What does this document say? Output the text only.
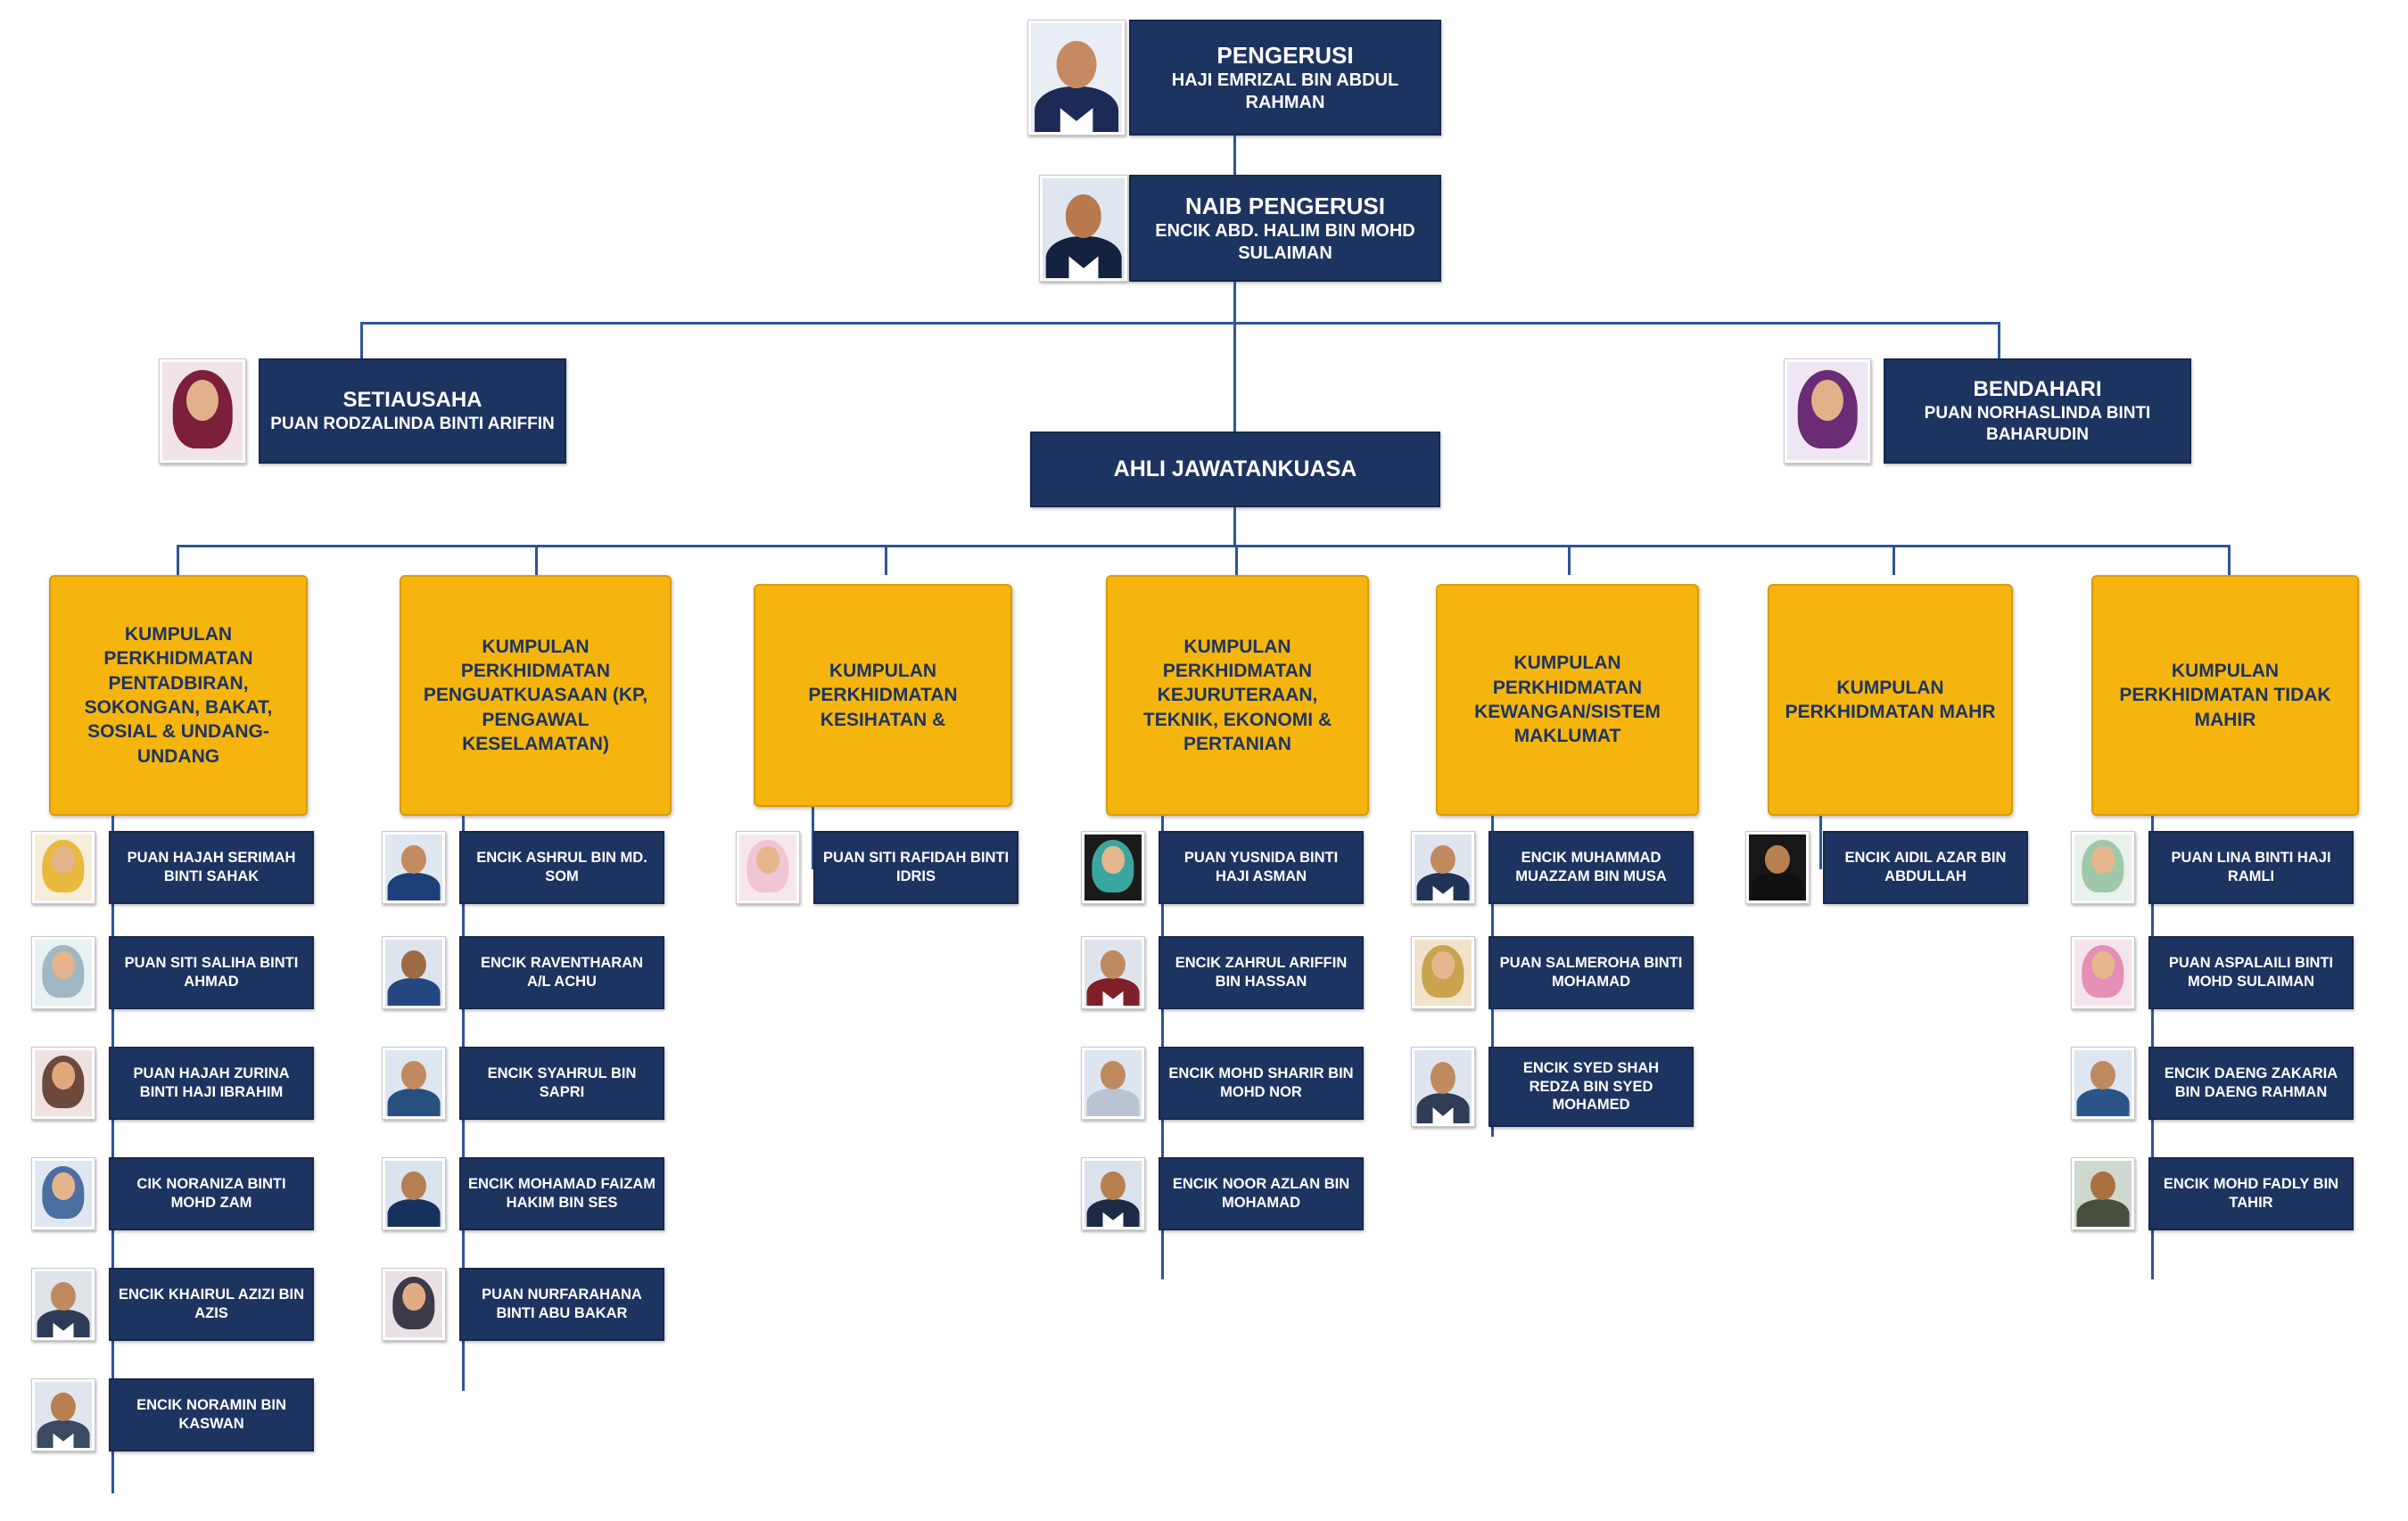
PENGERUSI
HAJI EMRIZAL BIN ABDUL RAHMAN
NAIB PENGERUSI
ENCIK ABD. HALIM BIN MOHD SULAIMAN
SETIAUSAHA
PUAN RODZALINDA BINTI ARIFFIN
BENDAHARI
PUAN NORHASLINDA BINTI BAHARUDIN
AHLI JAWATANKUASA
KUMPULAN PERKHIDMATAN PENTADBIRAN, SOKONGAN, BAKAT, SOSIAL & UNDANG-UNDANG
PUAN HAJAH SERIMAH BINTI SAHAK
PUAN SITI SALIHA BINTI AHMAD
PUAN HAJAH ZURINA BINTI HAJI IBRAHIM
CIK NORANIZA BINTI MOHD ZAM
ENCIK KHAIRUL AZIZI BIN AZIS
ENCIK NORAMIN BIN KASWAN
KUMPULAN PERKHIDMATAN PENGUATKUASAAN (KP, PENGAWAL KESELAMATAN)
ENCIK ASHRUL BIN MD. SOM
ENCIK RAVENTHARAN A/L ACHU
ENCIK SYAHRUL BIN SAPRI
ENCIK MOHAMAD FAIZAM HAKIM BIN SES
PUAN NURFARAHANA BINTI ABU BAKAR
KUMPULAN PERKHIDMATAN KESIHATAN &
PUAN SITI RAFIDAH BINTI IDRIS
KUMPULAN PERKHIDMATAN KEJURUTERAAN, TEKNIK, EKONOMI & PERTANIAN
PUAN YUSNIDA BINTI HAJI ASMAN
ENCIK ZAHRUL ARIFFIN BIN HASSAN
ENCIK MOHD SHARIR BIN MOHD NOR
ENCIK NOOR AZLAN BIN MOHAMAD
KUMPULAN PERKHIDMATAN KEWANGAN/SISTEM MAKLUMAT
ENCIK MUHAMMAD MUAZZAM BIN MUSA
PUAN SALMEROHA BINTI MOHAMAD
ENCIK SYED SHAH REDZA BIN SYED MOHAMED
KUMPULAN PERKHIDMATAN MAHR
ENCIK AIDIL AZAR BIN ABDULLAH
KUMPULAN PERKHIDMATAN TIDAK MAHIR
PUAN LINA BINTI HAJI RAMLI
PUAN ASPALAILI BINTI MOHD SULAIMAN
ENCIK DAENG ZAKARIA BIN DAENG RAHMAN
ENCIK MOHD FADLY BIN TAHIR
